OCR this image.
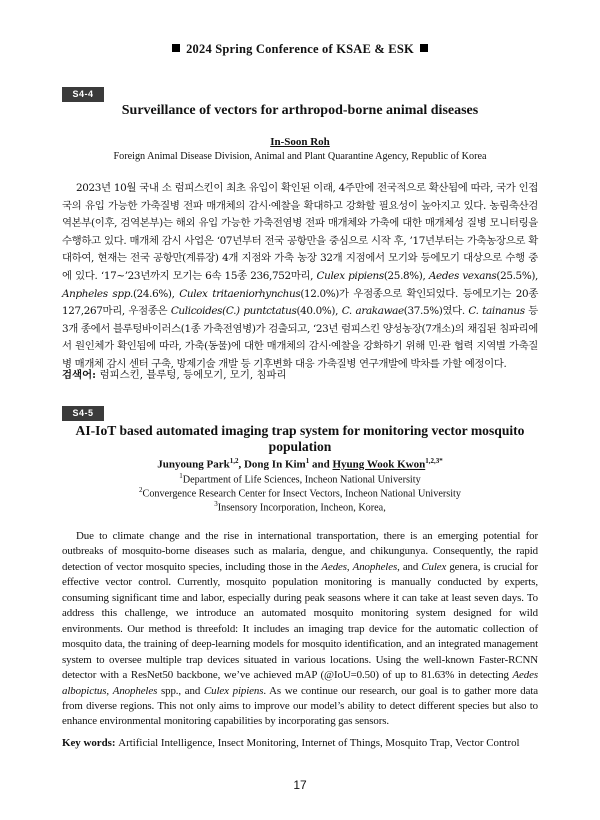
2024 Spring Conference of KSAE & ESK
S4-4
Surveillance of vectors for arthropod-borne animal diseases
In-Soon Roh
Foreign Animal Disease Division, Animal and Plant Quarantine Agency, Republic of Korea
2023년 10월 국내 소 럼피스킨이 최초 유입이 확인된 이래, 4주만에 전국적으로 확산됨에 따라, 국가 인접국의 유입 가능한 가축질병 전파 매개체의 감시·예찰을 확대하고 강화할 필요성이 높아지고 있다. 농림축산검역본부(이후, 검역본부)는 해외 유입 가능한 가축전염병 전파 매개체와 가축에 대한 매개체성 질병 모니터링을 수행하고 있다. 매개체 감시 사업은 ‘07년부터 전국 공항만을 중심으로 시작 후, ’17년부터는 가축농장으로 확대하여, 현재는 전국 공항만(계류장) 4개 지점와 가축 농장 32개 지점에서 모기와 등에모기 대상으로 수행 중에 있다. ‘17~’23년까지 모기는 6속 15종 236,752마리, Culex pipiens(25.8%), Aedes vexans(25.5%), Anpheles spp.(24.6%), Culex tritaeniorhynchus(12.0%)가 우점종으로 확인되었다. 등에모기는 20종 127,267마리, 우점종은 Culicoides(C.) puntctatus(40.0%), C. arakawae(37.5%)였다. C. tainanus 등 3개 종에서 블루텅바이러스(1종 가축전염병)가 검출되고, ‘23년 럼피스킨 양성농장(7개소)의 채집된 침파리에서 원인체가 확인됨에 따라, 가축(동물)에 대한 매개체의 감시·예찰을 강화하기 위해 민·관 협력 지역별 가축질병 매개체 감시 센터 구축, 방제기술 개발 등 기후변화 대응 가축질병 연구개발에 박차를 가할 예정이다.
검색어: 럼피스킨, 블루텅, 등에모기, 모기, 침파리
S4-5
AI-IoT based automated imaging trap system for monitoring vector mosquito population
Junyoung Park$^{1,2}$, Dong In Kim$^1$ and Hyung Wook Kwon$^{1,2,3*}$
$^1$Department of Life Sciences, Incheon National University
$^2$Convergence Research Center for Insect Vectors, Incheon National University
$^3$Insensory Incorporation, Incheon, Korea,
Due to climate change and the rise in international transportation, there is an emerging potential for outbreaks of mosquito-borne diseases such as malaria, dengue, and chikungunya. Consequently, the rapid detection of vector mosquito species, including those in the Aedes, Anopheles, and Culex genera, is crucial for effective vector control. Currently, mosquito population monitoring is manually conducted by experts, consuming significant time and labor, especially during peak seasons where it can take at least seven days. To address this challenge, we introduce an automated mosquito monitoring system designed for wild environments. Our method is threefold: It includes an imaging trap device for the automatic collection of mosquito data, the training of deep-learning models for mosquito identification, and an integrated management system to oversee multiple trap devices situated in various locations. Using the well-known Faster-RCNN detector with a ResNet50 backbone, we’ve achieved mAP (@IoU=0.50) of up to 81.63% in detecting Aedes albopictus, Anopheles spp., and Culex pipiens. As we continue our research, our goal is to gather more data from diverse regions. This not only aims to improve our model’s ability to detect different species but also to enhance environmental monitoring capabilities by incorporating gas sensors.
Key words: Artificial Intelligence, Insect Monitoring, Internet of Things, Mosquito Trap, Vector Control
17
